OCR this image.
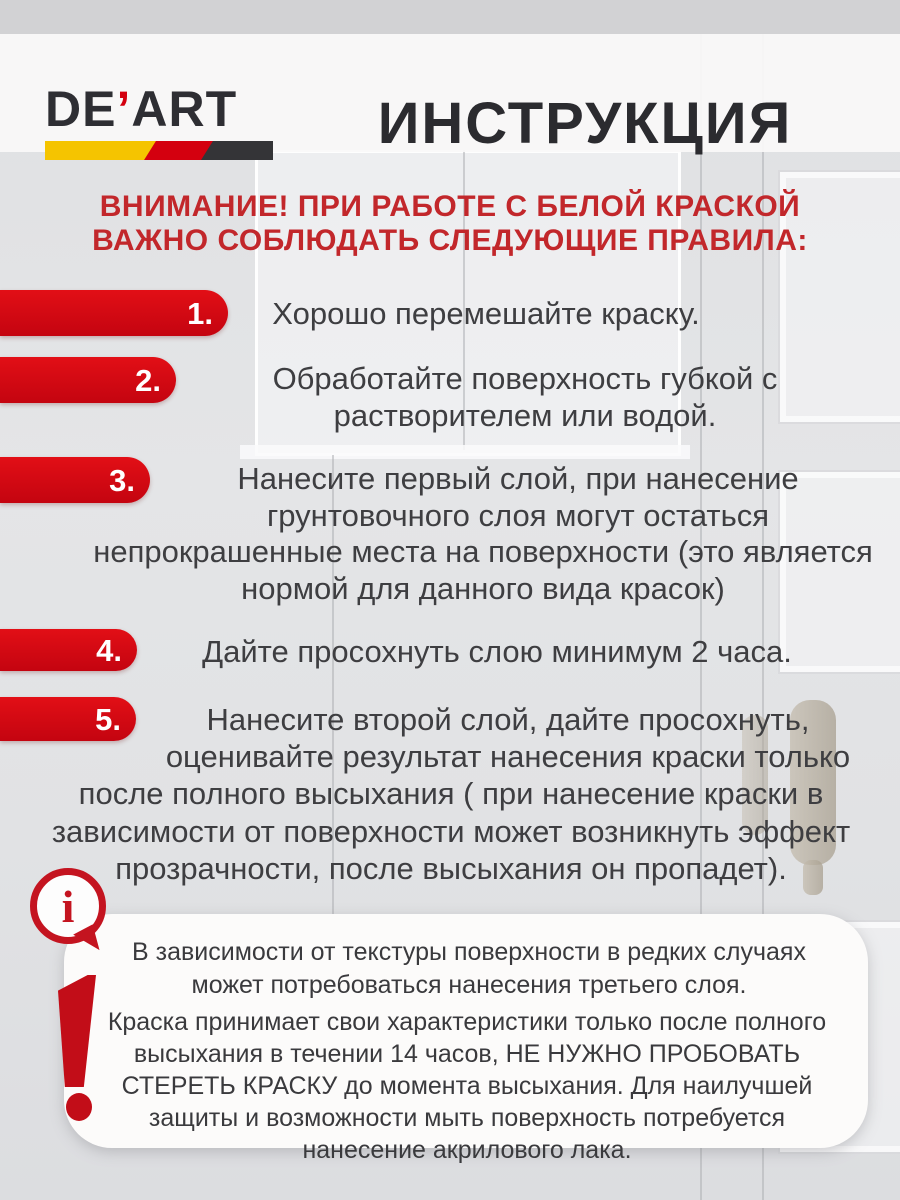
DE’ART	ИНСТРУКЦИЯ
ВНИМАНИЕ! ПРИ РАБОТЕ С БЕЛОЙ КРАСКОЙ
ВАЖНО СОБЛЮДАТЬ СЛЕДУЮЩИЕ ПРАВИЛА:
1.	Хорошо перемешайте краску.
2.	Обработайте поверхность губкой с растворителем или водой.
3.	Нанесите первый слой, при нанесение грунтовочного слоя могут остаться непрокрашенные места на поверхности (это является нормой для данного вида красок)
4.	Дайте просохнуть слою минимум 2 часа.
5.	Нанесите второй слой, дайте просохнуть, оценивайте результат нанесения краски только после полного высыхания ( при нанесение краски в зависимости от поверхности может возникнуть эффект прозрачности, после высыхания он пропадет).
i
В зависимости от текстуры поверхности в редких случаях может потребоваться нанесения третьего слоя.
Краска принимает свои характеристики только после полного высыхания в течении 14 часов, НЕ НУЖНО ПРОБОВАТЬ СТЕРЕТЬ КРАСКУ до момента высыхания. Для наилучшей защиты и возможности мыть поверхность потребуется нанесение акрилового лака.
